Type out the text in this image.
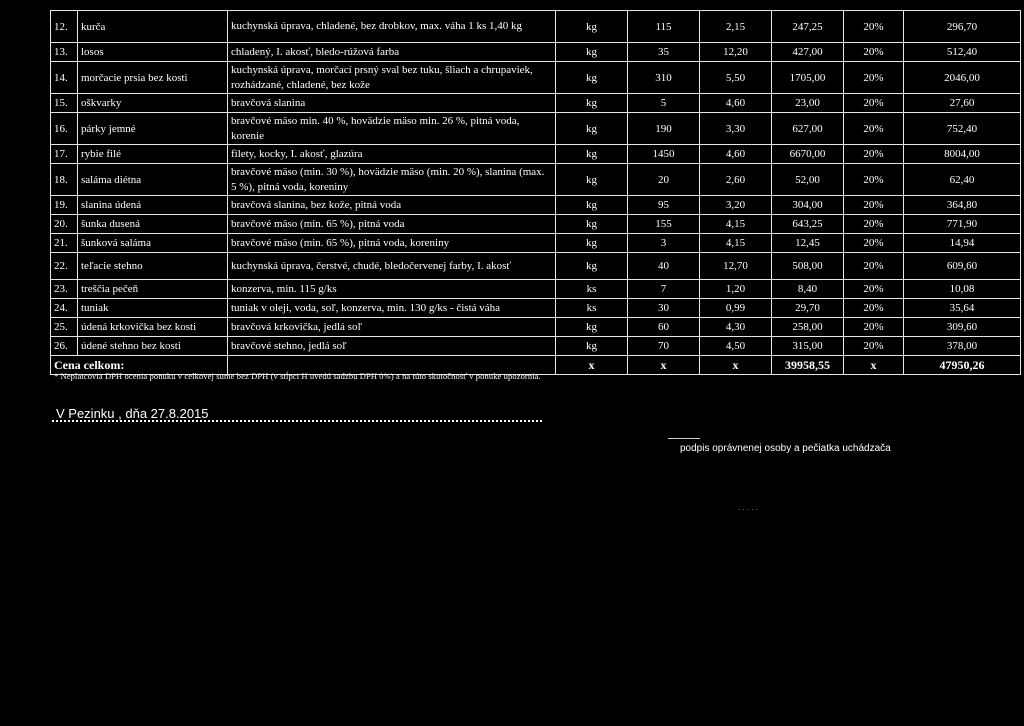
12.	kurča	kuchynská úprava, chladené, bez drobkov, max. váha 1 ks 1,40 kg	kg	115	2,15	247,25	20%	296,70
13.	losos	chladený, I. akosť, bledo-rúžová farba	kg	35	12,20	427,00	20%	512,40
14.	morčacie prsia bez kosti	kuchynská úprava, morčací prsný sval bez tuku, šliach a chrupaviek, rozhádzané, chladené, bez kože	kg	310	5,50	1705,00	20%	2046,00
15.	oškvarky	bravčová slanina	kg	5	4,60	23,00	20%	27,60
16.	párky jemné	bravčové mäso min. 40 %, hovädzie mäso min. 26 %, pitná voda, korenie	kg	190	3,30	627,00	20%	752,40
17.	rybie filé	filety, kocky, I. akosť, glazúra	kg	1450	4,60	6670,00	20%	8004,00
18.	saláma diétna	bravčové mäso (min. 30 %), hovädzie mäso (min. 20 %), slanina (max. 5 %), pitná voda, koreniny	kg	20	2,60	52,00	20%	62,40
19.	slanina údená	bravčová slanina, bez kože, pitná voda	kg	95	3,20	304,00	20%	364,80
20.	šunka dusená	bravčové mäso (min. 65 %), pitná voda	kg	155	4,15	643,25	20%	771,90
21.	šunková saláma	bravčové mäso (min. 65 %), pitná voda, koreniny	kg	3	4,15	12,45	20%	14,94
22.	teľacie stehno	kuchynská úprava, čerstvé, chudé, bledočervenej farby, I. akosť	kg	40	12,70	508,00	20%	609,60
23.	treščia pečeň	konzerva, min. 115 g/ks	ks	7	1,20	8,40	20%	10,08
24.	tuniak	tuniak v oleji, voda, soľ, konzerva, min. 130 g/ks - čistá váha	ks	30	0,99	29,70	20%	35,64
25.	údená krkovička bez kosti	bravčová krkovička, jedlá soľ	kg	60	4,30	258,00	20%	309,60
26.	údené stehno bez kosti	bravčové stehno, jedlá soľ	kg	70	4,50	315,00	20%	378,00
Cena celkom:			x	x	x	39958,55	x	47950,26
* Neplatcovia DPH ocenia ponuku v celkovej sume bez DPH (v stĺpci H uvedú sadzbu DPH 0%) a na túto skutočnosť v ponuke upozornia.
V Pezinku , dňa 27.8.2015
podpis oprávnenej osoby a pečiatka uchádzača
. . . . .
